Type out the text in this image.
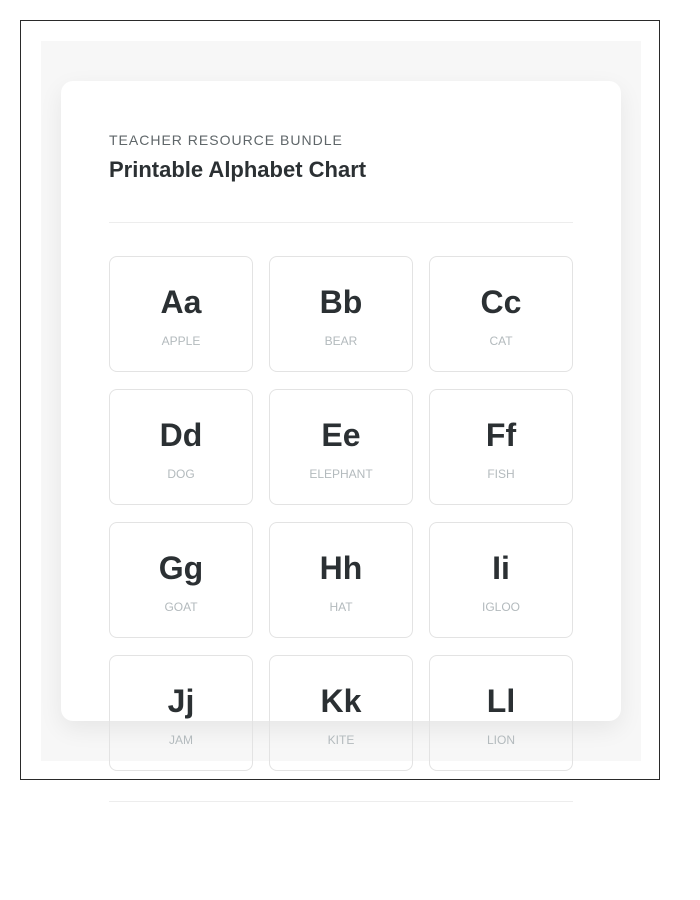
TEACHER RESOURCE BUNDLE
Printable Alphabet Chart
Aa
APPLE
Bb
BEAR
Cc
CAT
Dd
DOG
Ee
ELEPHANT
Ff
FISH
Gg
GOAT
Hh
HAT
Ii
IGLOO
Jj
JAM
Kk
KITE
Ll
LION
